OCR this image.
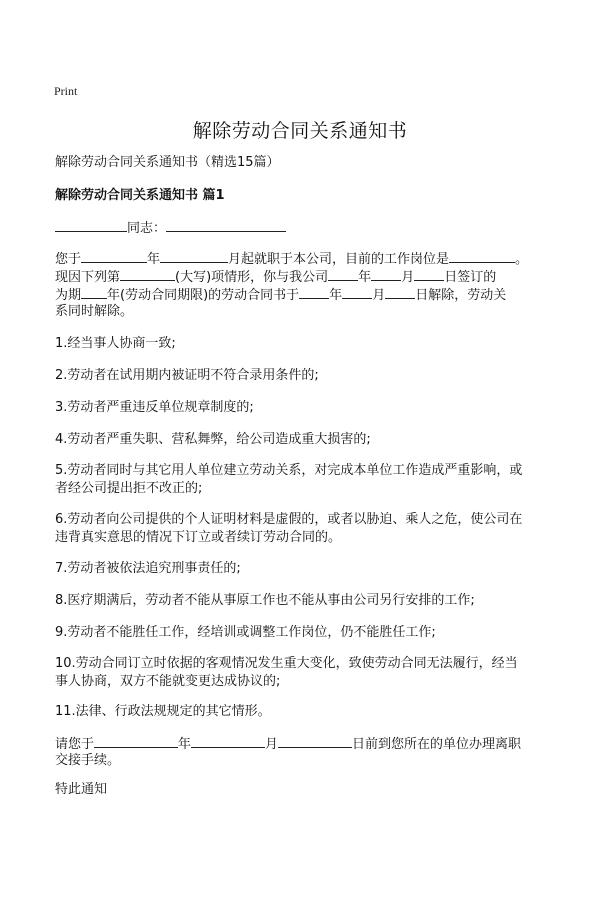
Print
解除劳动合同关系通知书
解除劳动合同关系通知书（精选15篇）
解除劳动合同关系通知书 篇1
同志：
您于	年	月起就职于本公司，目前的工作岗位是	。
现因下列第	(大写)项情形，你与我公司 年 月 日签订的
为期 年(劳动合同期限)的劳动合同书于 年 月 日解除，劳动关
系同时解除。
1.经当事人协商一致;
2.劳动者在试用期内被证明不符合录用条件的;
3.劳动者严重违反单位规章制度的;
4.劳动者严重失职、营私舞弊，给公司造成重大损害的;
5.劳动者同时与其它用人单位建立劳动关系，对完成本单位工作造成严重影响，或
者经公司提出拒不改正的;
6.劳动者向公司提供的个人证明材料是虚假的，或者以胁迫、乘人之危，使公司在
违背真实意思的情况下订立或者续订劳动合同的。
7.劳动者被依法追究刑事责任的;
8.医疗期满后，劳动者不能从事原工作也不能从事由公司另行安排的工作;
9.劳动者不能胜任工作，经培训或调整工作岗位，仍不能胜任工作;
10.劳动合同订立时依据的客观情况发生重大变化，致使劳动合同无法履行，经当
事人协商，双方不能就变更达成协议的;
11.法律、行政法规规定的其它情形。
请您于	年	月	日前到您所在的单位办理离职
交接手续。
特此通知
